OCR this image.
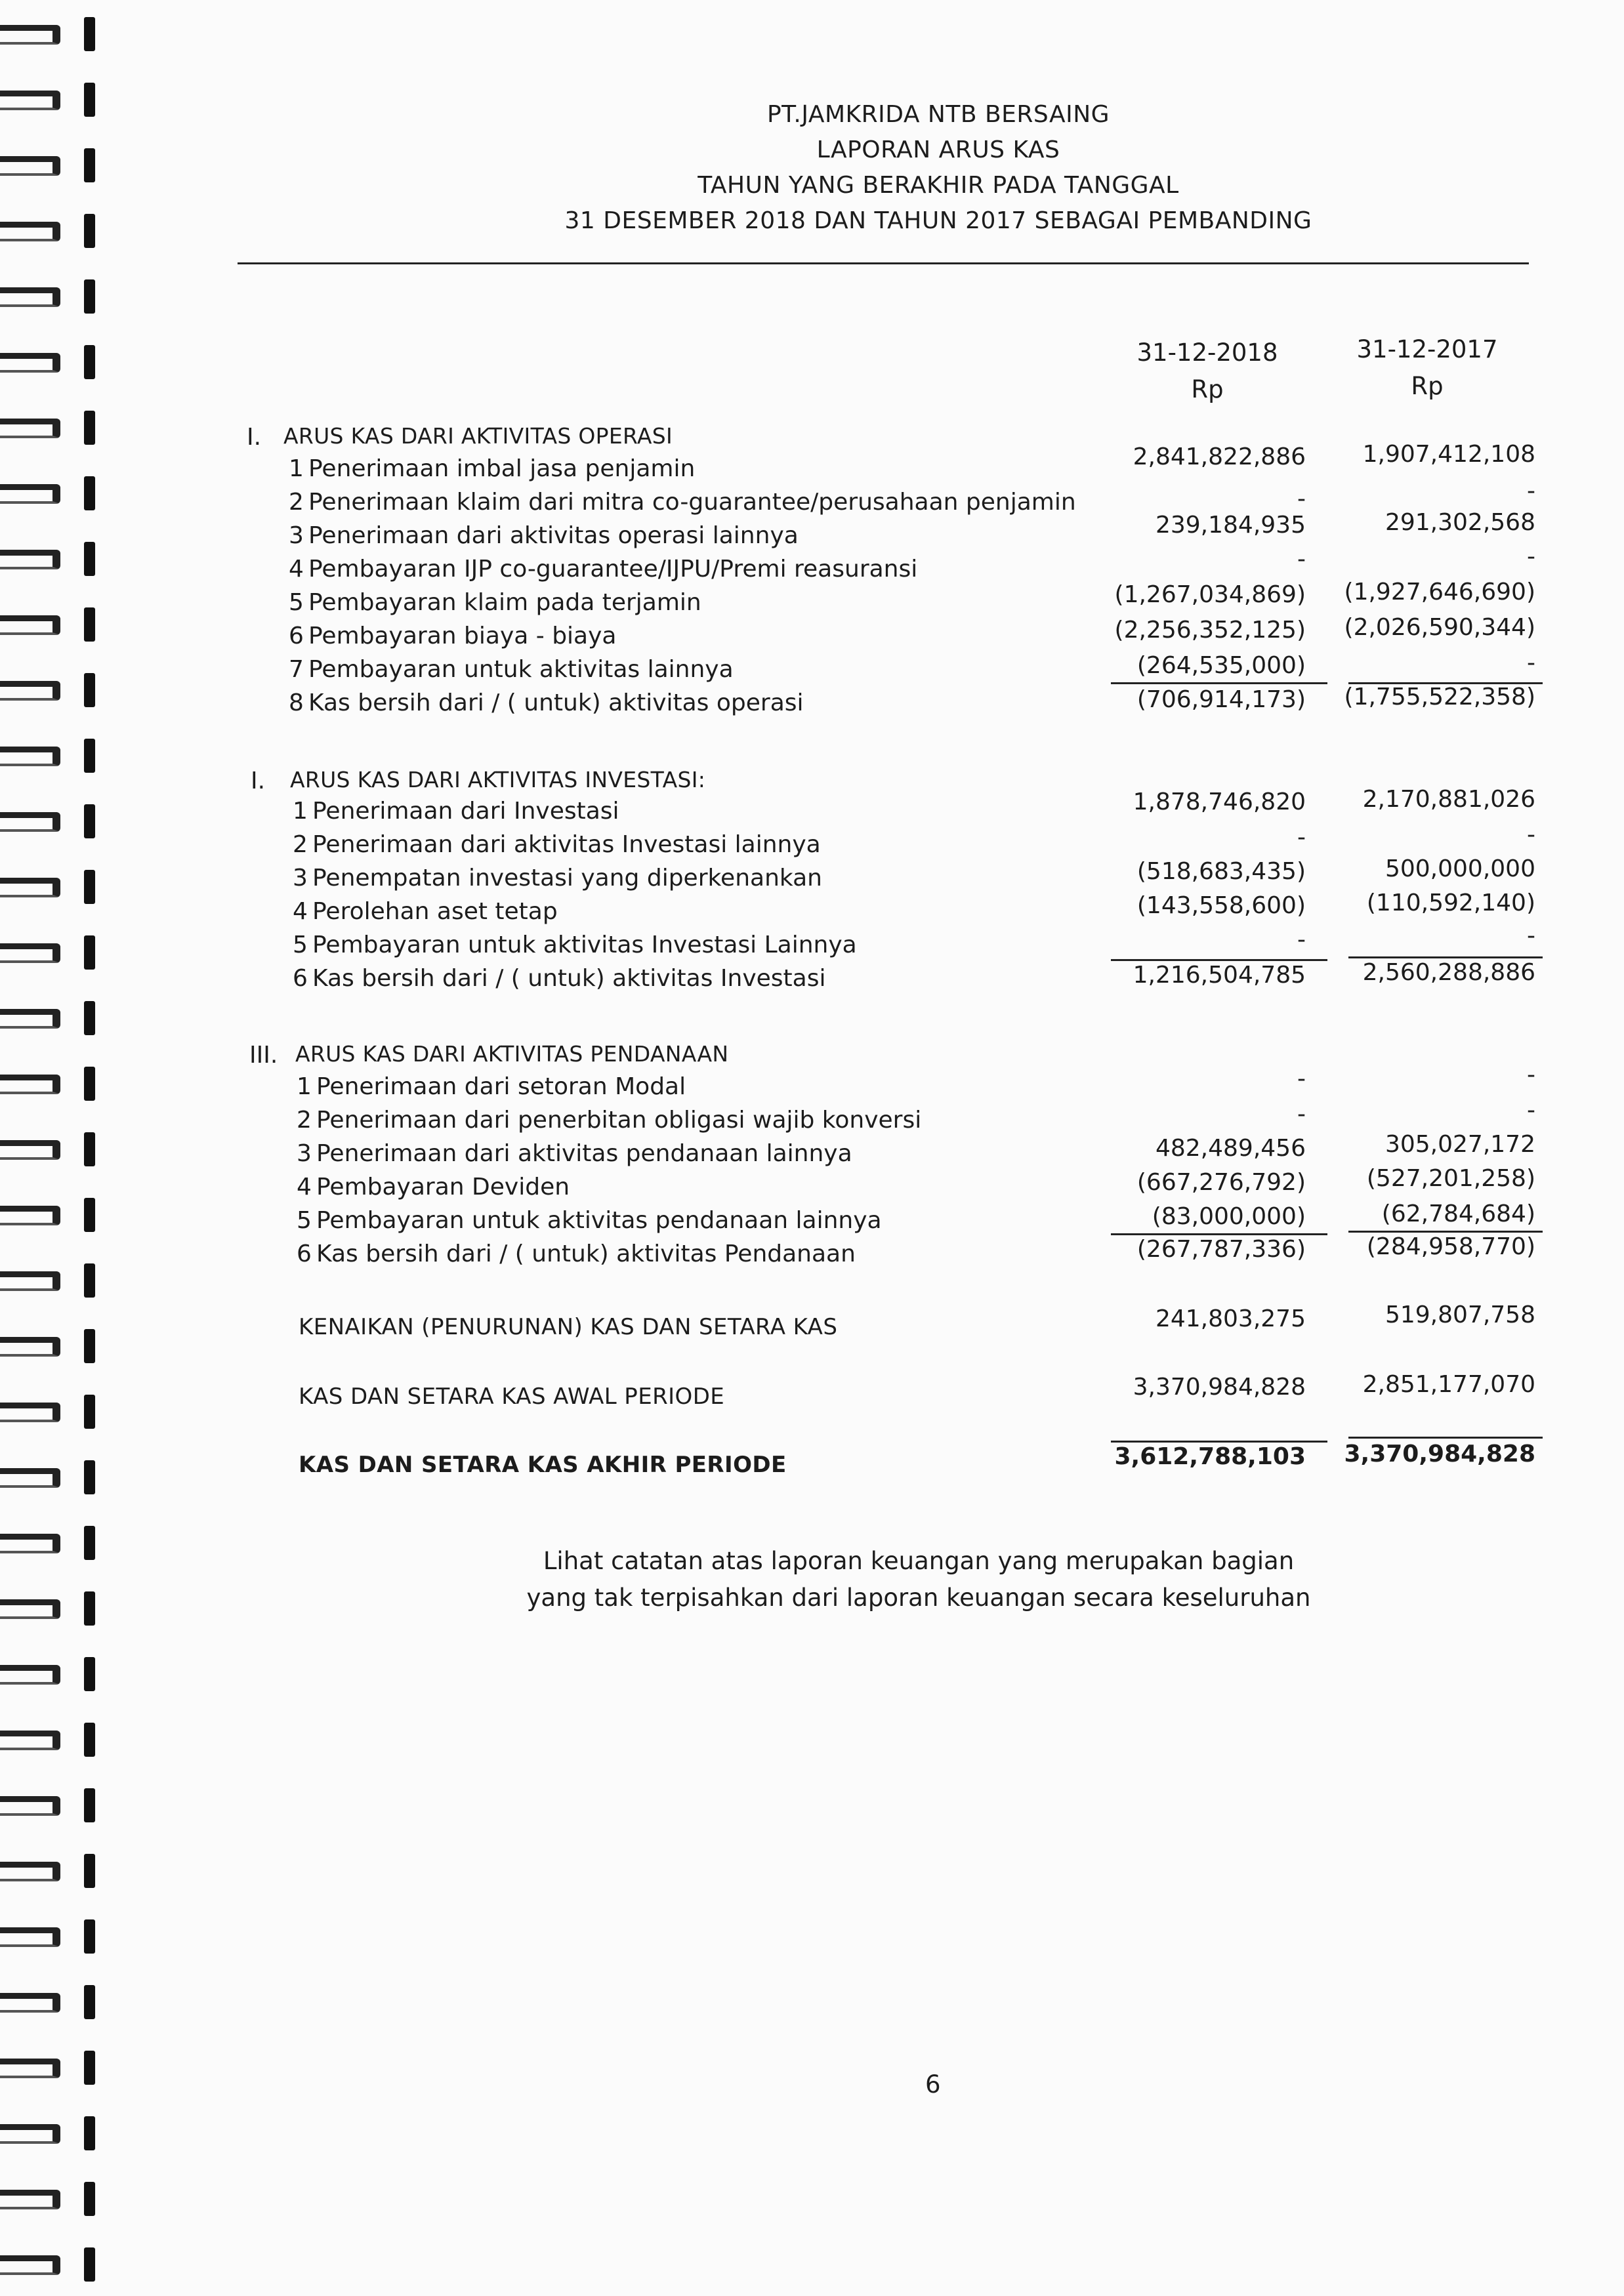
PT.JAMKRIDA NTB BERSAING
LAPORAN ARUS KAS
TAHUN YANG BERAKHIR PADA TANGGAL
31 DESEMBER 2018 DAN TAHUN 2017 SEBAGAI PEMBANDING
31-12-2018
Rp
31-12-2017
Rp
I. ARUS KAS DARI AKTIVITAS OPERASI
1 Penerimaan imbal jasa penjamin	2,841,822,886	1,907,412,108
2 Penerimaan klaim dari mitra co-guarantee/perusahaan penjamin	-	-
3 Penerimaan dari aktivitas operasi lainnya	239,184,935	291,302,568
4 Pembayaran IJP co-guarantee/IJPU/Premi reasuransi	-	-
5 Pembayaran klaim pada terjamin	(1,267,034,869)	(1,927,646,690)
6 Pembayaran biaya - biaya	(2,256,352,125)	(2,026,590,344)
7 Pembayaran untuk aktivitas lainnya	(264,535,000)	-
8 Kas bersih dari / ( untuk) aktivitas operasi	(706,914,173)	(1,755,522,358)
I. ARUS KAS DARI AKTIVITAS INVESTASI:
1 Penerimaan dari Investasi	1,878,746,820	2,170,881,026
2 Penerimaan dari aktivitas Investasi lainnya	-	-
3 Penempatan investasi yang diperkenankan	(518,683,435)	500,000,000
4 Perolehan aset tetap	(143,558,600)	(110,592,140)
5 Pembayaran untuk aktivitas Investasi Lainnya	-	-
6 Kas bersih dari / ( untuk) aktivitas Investasi	1,216,504,785	2,560,288,886
III. ARUS KAS DARI AKTIVITAS PENDANAAN
1 Penerimaan dari setoran Modal	-	-
2 Penerimaan dari penerbitan obligasi wajib konversi	-	-
3 Penerimaan dari aktivitas pendanaan lainnya	482,489,456	305,027,172
4 Pembayaran Deviden	(667,276,792)	(527,201,258)
5 Pembayaran untuk aktivitas pendanaan lainnya	(83,000,000)	(62,784,684)
6 Kas bersih dari / ( untuk) aktivitas Pendanaan	(267,787,336)	(284,958,770)
KENAIKAN (PENURUNAN) KAS DAN SETARA KAS	241,803,275	519,807,758
KAS DAN SETARA KAS AWAL PERIODE	3,370,984,828	2,851,177,070
KAS DAN SETARA KAS AKHIR PERIODE	3,612,788,103	3,370,984,828
Lihat catatan atas laporan keuangan yang merupakan bagian
yang tak terpisahkan dari laporan keuangan secara keseluruhan
6
